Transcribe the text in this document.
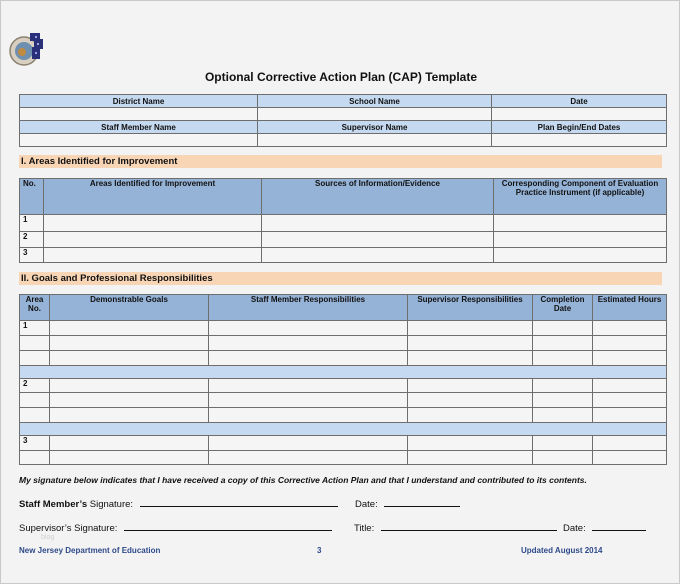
Optional Corrective Action Plan (CAP) Template
District Name	School Name	Date

Staff Member Name	Supervisor Name	Plan Begin/End Dates

I. Areas Identified for Improvement
No.	Areas Identified for Improvement	Sources of Information/Evidence	Corresponding Component of Evaluation Practice Instrument (if applicable)
1			
2			
3			
II. Goals and Professional Responsibilities
Area No.	Demonstrable Goals	Staff Member Responsibilities	Supervisor Responsibilities	Completion Date	Estimated Hours
1					

2					

3					

My signature below indicates that I have received a copy of this Corrective Action Plan and that I understand and contributed to its contents.
Staff Member’s Signature:	Date:
Supervisor’s Signature:	Title:	Date:
blog
New Jersey Department of Education	3	Updated August 2014
